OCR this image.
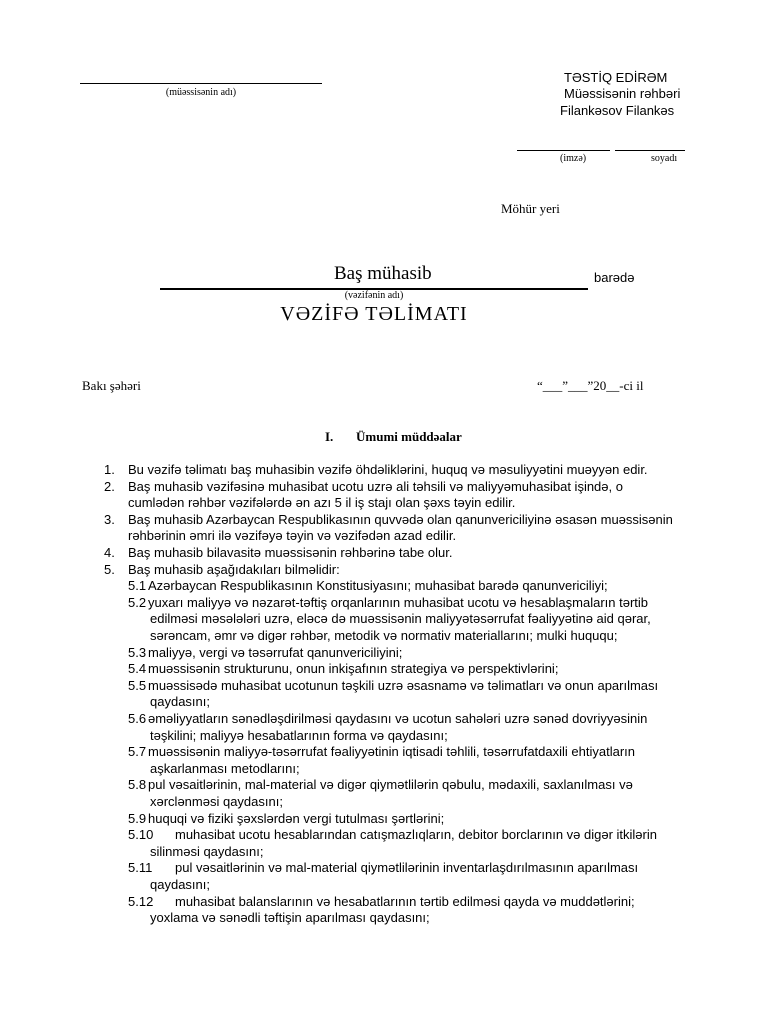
(müəssisənin adı)
TƏSTİQ EDİRƏM
Müəssisənin rəhbəri
Filankəsov Filankəs
(imzə)	soyadı
Möhür yeri
Baş mühasib	barədə
(vəzifənin adı)
VƏZİFƏ TƏLİMATI
Bakı şəhəri	“___”___”20__-ci il
I. Ümumi müddəalar
1. Bu vəzifə təlimatı baş muhasibin vəzifə öhdəliklərini, huquq və məsuliyyətini muəyyən edir.
2. Baş muhasib vəzifəsinə muhasibat ucotu uzrə ali təhsili və maliyyəmuhasibat işində, o
cumlədən rəhbər vəzifələrdə ən azı 5 il iş stajı olan şəxs təyin edilir.
3. Baş muhasib Azərbaycan Respublikasının quvvədə olan qanunvericiliyinə əsasən muəssisənin
rəhbərinin əmri ilə vəzifəyə təyin və vəzifədən azad edilir.
4. Baş muhasib bilavasitə muəssisənin rəhbərinə tabe olur.
5. Baş muhasib aşağıdakıları bilməlidir:
5.1 Azərbaycan Respublikasının Konstitusiyasını; muhasibat barədə qanunvericiliyi;
5.2 yuxarı maliyyə və nəzarət-təftiş orqanlarının muhasibat ucotu və hesablaşmaların tərtib
edilməsi məsələləri uzrə, eləcə də muəssisənin maliyyətəsərrufat fəaliyyətinə aid qərar,
sərəncam, əmr və digər rəhbər, metodik və normativ materiallarını; mulki huququ;
5.3 maliyyə, vergi və təsərrufat qanunvericiliyini;
5.4 muəssisənin strukturunu, onun inkişafının strategiya və perspektivlərini;
5.5 muəssisədə muhasibat ucotunun təşkili uzrə əsasnamə və təlimatları və onun aparılması
qaydasını;
5.6 əməliyyatların sənədləşdirilməsi qaydasını və ucotun sahələri uzrə sənəd dovriyyəsinin
təşkilini; maliyyə hesabatlarının forma və qaydasını;
5.7 muəssisənin maliyyə-təsərrufat fəaliyyətinin iqtisadi təhlili, təsərrufatdaxili ehtiyatların
aşkarlanması metodlarını;
5.8 pul vəsaitlərinin, mal-material və digər qiymətlilərin qəbulu, mədaxili, saxlanılması və
xərclənməsi qaydasını;
5.9 huquqi və fiziki şəxslərdən vergi tutulması şərtlərini;
5.10 muhasibat ucotu hesablarından catışmazlıqların, debitor borclarının və digər itkilərin
silinməsi qaydasını;
5.11 pul vəsaitlərinin və mal-material qiymətlilərinin inventarlaşdırılmasının aparılması
qaydasını;
5.12 muhasibat balanslarının və hesabatlarının tərtib edilməsi qayda və muddətlərini;
yoxlama və sənədli təftişin aparılması qaydasını;
